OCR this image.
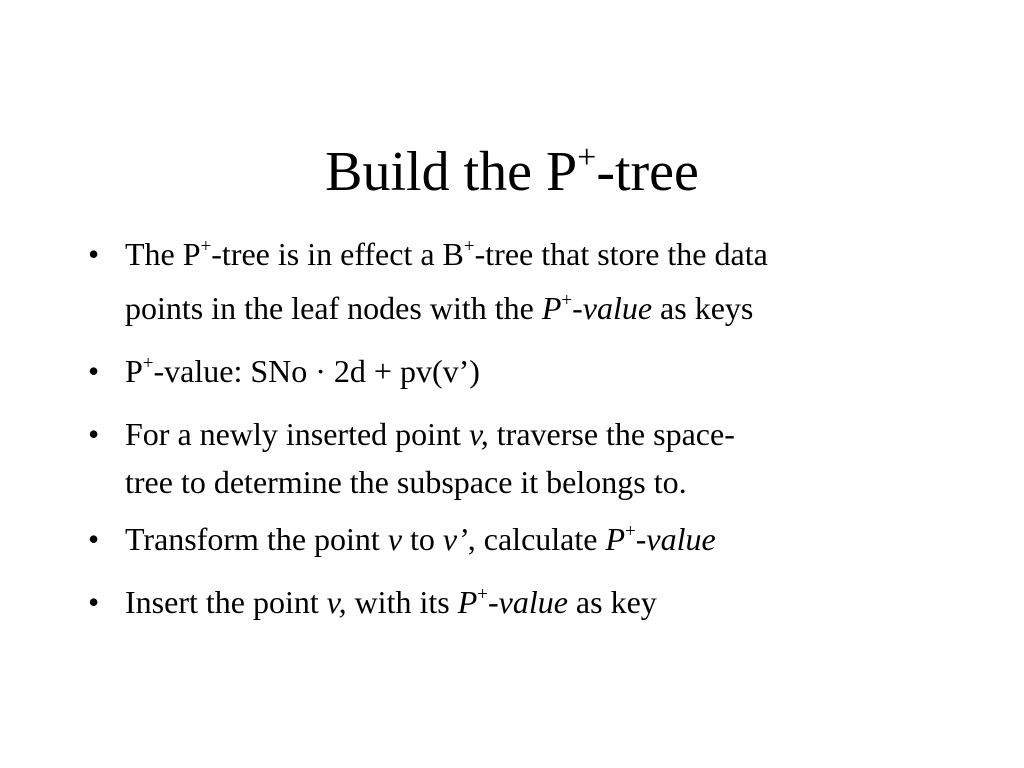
Build the P+-tree
•
The P+-tree is in effect a B+-tree that store the data
points in the leaf nodes with the P+-value as keys
•
P+-value: SNo · 2d + pv(v’)
•
For a newly inserted point v, traverse the space-
tree to determine the subspace it belongs to.
•
Transform the point v to v’, calculate P+-value
•
Insert the point v, with its P+-value as key
